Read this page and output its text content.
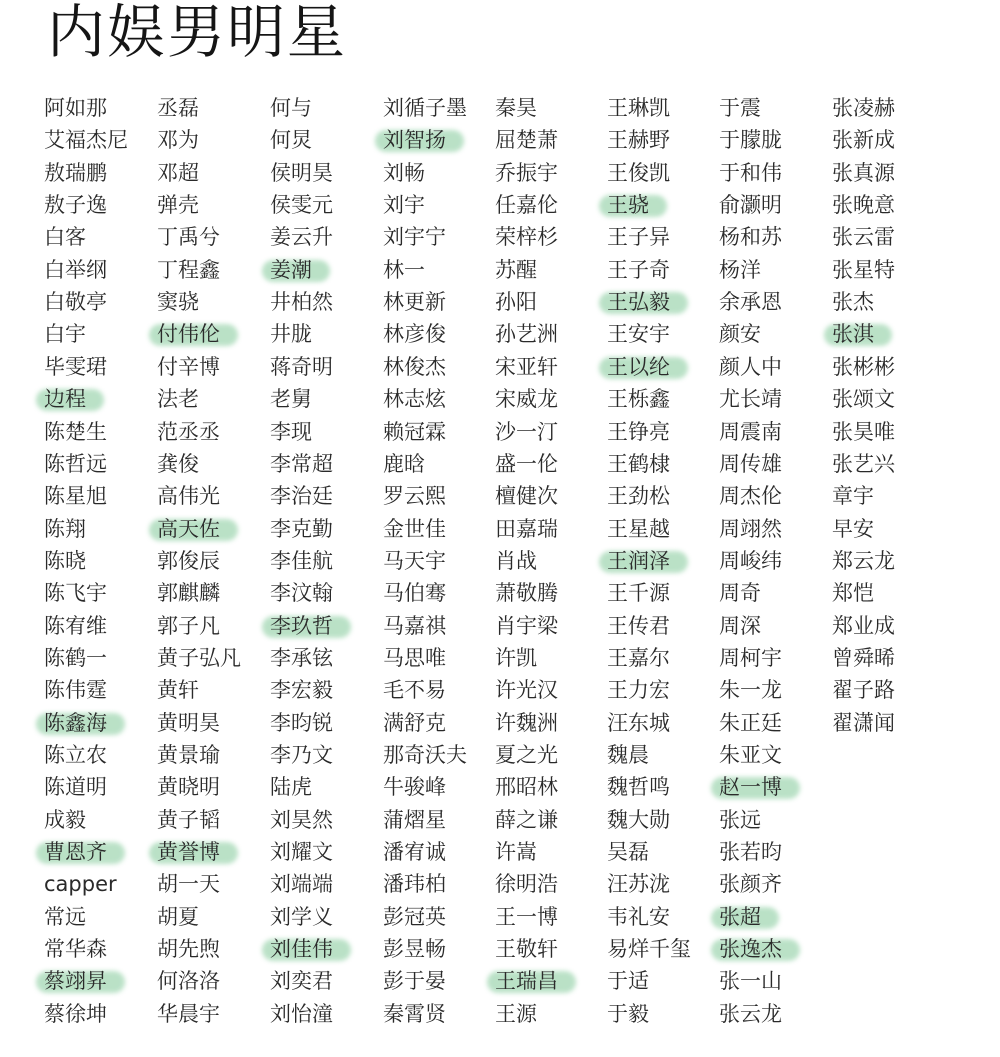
内娱男明星
阿如那
艾福杰尼
敖瑞鹏
敖子逸
白客
白举纲
白敬亭
白宇
毕雯珺
边程
陈楚生
陈哲远
陈星旭
陈翔
陈晓
陈飞宇
陈宥维
陈鹤一
陈伟霆
陈鑫海
陈立农
陈道明
成毅
曹恩齐
capper
常远
常华森
蔡翊昇
蔡徐坤
丞磊
邓为
邓超
弹壳
丁禹兮
丁程鑫
窦骁
付伟伦
付辛博
法老
范丞丞
龚俊
高伟光
高天佐
郭俊辰
郭麒麟
郭子凡
黄子弘凡
黄轩
黄明昊
黄景瑜
黄晓明
黄子韬
黄誉博
胡一天
胡夏
胡先煦
何洛洛
华晨宇
何与
何炅
侯明昊
侯雯元
姜云升
姜潮
井柏然
井胧
蒋奇明
老舅
李现
李常超
李治廷
李克勤
李佳航
李汶翰
李玖哲
李承铉
李宏毅
李昀锐
李乃文
陆虎
刘昊然
刘耀文
刘端端
刘学义
刘佳伟
刘奕君
刘怡潼
刘循子墨
刘智扬
刘畅
刘宇
刘宇宁
林一
林更新
林彦俊
林俊杰
林志炫
赖冠霖
鹿晗
罗云熙
金世佳
马天宇
马伯骞
马嘉祺
马思唯
毛不易
满舒克
那奇沃夫
牛骏峰
蒲熠星
潘宥诚
潘玮柏
彭冠英
彭昱畅
彭于晏
秦霄贤
秦昊
屈楚萧
乔振宇
任嘉伦
荣梓杉
苏醒
孙阳
孙艺洲
宋亚轩
宋威龙
沙一汀
盛一伦
檀健次
田嘉瑞
肖战
萧敬腾
肖宇梁
许凯
许光汉
许魏洲
夏之光
邢昭林
薛之谦
许嵩
徐明浩
王一博
王敬轩
王瑞昌
王源
王琳凯
王赫野
王俊凯
王骁
王子异
王子奇
王弘毅
王安宇
王以纶
王栎鑫
王铮亮
王鹤棣
王劲松
王星越
王润泽
王千源
王传君
王嘉尔
王力宏
汪东城
魏晨
魏哲鸣
魏大勋
吴磊
汪苏泷
韦礼安
易烊千玺
于适
于毅
于震
于朦胧
于和伟
俞灏明
杨和苏
杨洋
余承恩
颜安
颜人中
尤长靖
周震南
周传雄
周杰伦
周翊然
周峻纬
周奇
周深
周柯宇
朱一龙
朱正廷
朱亚文
赵一博
张远
张若昀
张颜齐
张超
张逸杰
张一山
张云龙
张凌赫
张新成
张真源
张晚意
张云雷
张星特
张杰
张淇
张彬彬
张颂文
张昊唯
张艺兴
章宇
早安
郑云龙
郑恺
郑业成
曾舜晞
翟子路
翟潇闻
